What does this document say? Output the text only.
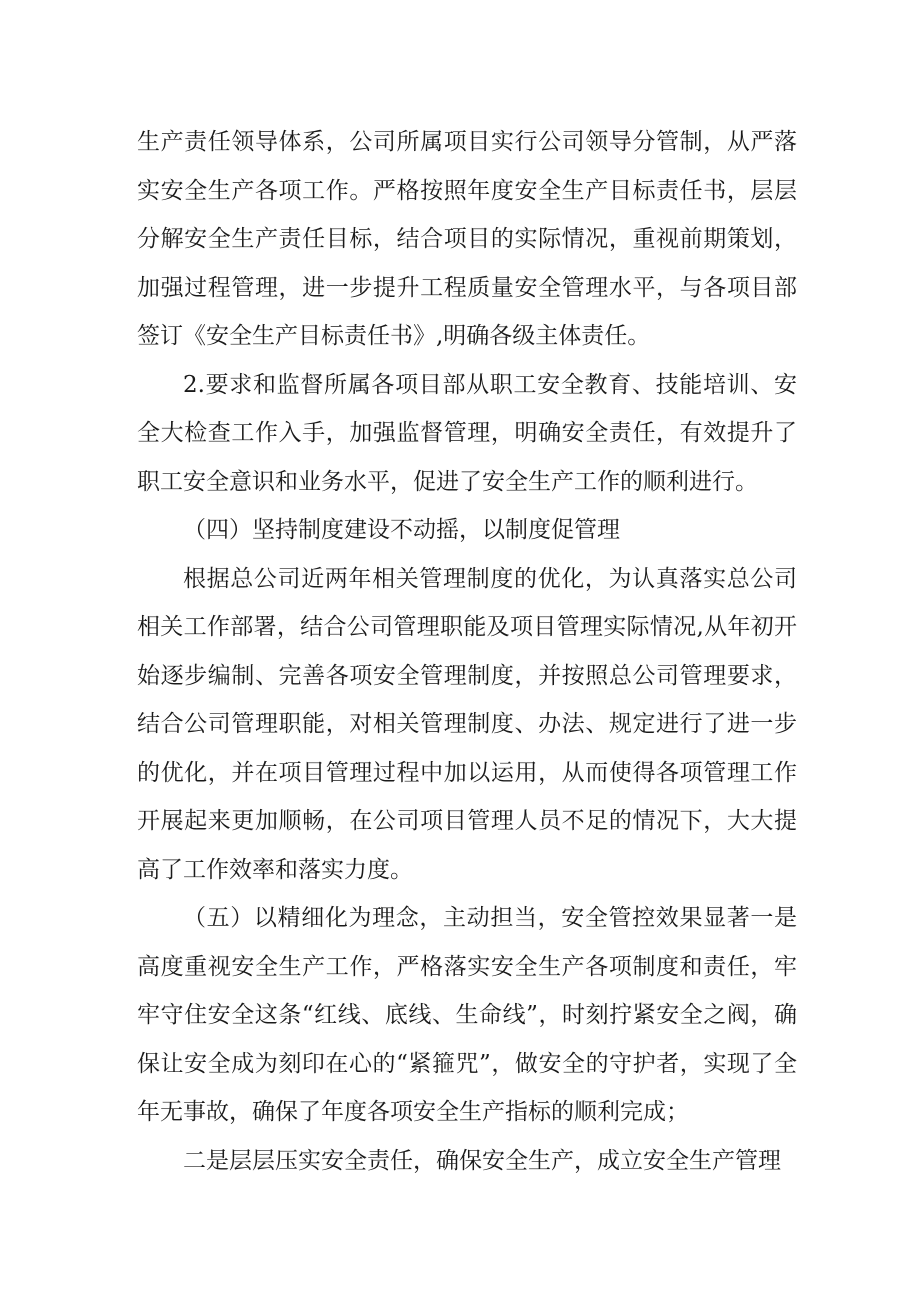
生产责任领导体系，公司所属项目实行公司领导分管制，从严落实安全生产各项工作。严格按照年度安全生产目标责任书，层层分解安全生产责任目标，结合项目的实际情况，重视前期策划，加强过程管理，进一步提升工程质量安全管理水平，与各项目部签订《安全生产目标责任书》,明确各级主体责任。

2.要求和监督所属各项目部从职工安全教育、技能培训、安全大检查工作入手，加强监督管理，明确安全责任，有效提升了职工安全意识和业务水平，促进了安全生产工作的顺利进行。

（四）坚持制度建设不动摇，以制度促管理

根据总公司近两年相关管理制度的优化，为认真落实总公司相关工作部署，结合公司管理职能及项目管理实际情况,从年初开始逐步编制、完善各项安全管理制度，并按照总公司管理要求，结合公司管理职能，对相关管理制度、办法、规定进行了进一步的优化，并在项目管理过程中加以运用，从而使得各项管理工作开展起来更加顺畅，在公司项目管理人员不足的情况下，大大提高了工作效率和落实力度。

（五）以精细化为理念，主动担当，安全管控效果显著一是高度重视安全生产工作，严格落实安全生产各项制度和责任，牢牢守住安全这条“红线、底线、生命线”，时刻拧紧安全之阀，确保让安全成为刻印在心的“紧箍咒”，做安全的守护者，实现了全年无事故，确保了年度各项安全生产指标的顺利完成；

二是层层压实安全责任，确保安全生产，成立安全生产管理
